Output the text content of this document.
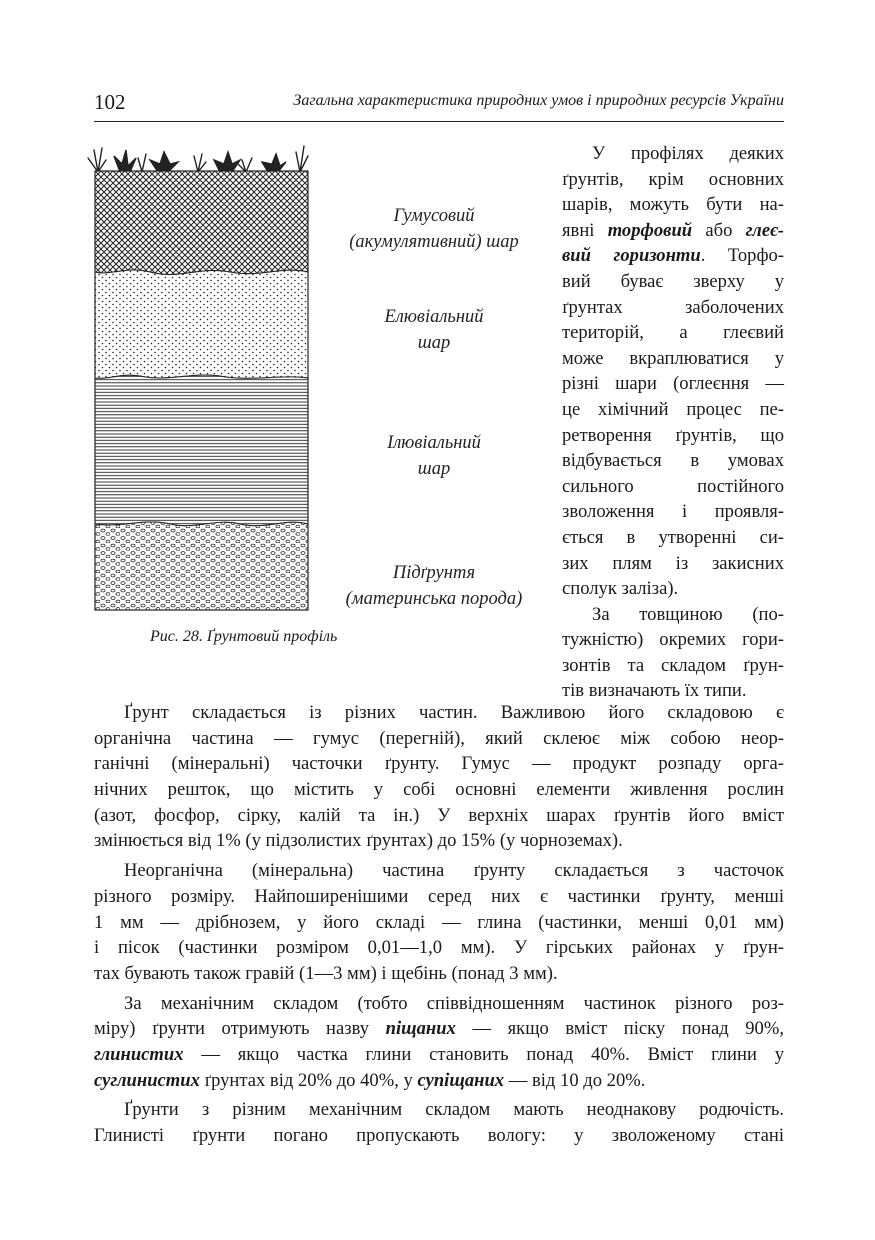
102	Загальна характеристика природних умов і природних ресурсів України
Гумусовий
(акумулятивний) шар
Елювіальний
шар
Ілювіальний
шар
Підґрунтя
(материнська порода)
Рис. 28. Ґрунтовий профіль
У профілях деяких
ґрунтів, крім основних
шарів, можуть бути на-
явні торфовий або глеє-
вий горизонти. Торфо-
вий буває зверху у
ґрунтах заболочених
територій, а глеєвий
може вкраплюватися у
різні шари (оглеєння —
це хімічний процес пе-
ретворення ґрунтів, що
відбувається в умовах
сильного постійного
зволоження і проявля-
ється в утворенні си-
зих плям із закисних
сполук заліза).
За товщиною (по-
тужністю) окремих гори-
зонтів та складом ґрун-
тів визначають їх типи.
Ґрунт складається із різних частин. Важливою його складовою є
органічна частина — гумус (перегній), який склеює між собою неор-
ганічні (мінеральні) часточки ґрунту. Гумус — продукт розпаду орга-
нічних решток, що містить у собі основні елементи живлення рослин
(азот, фосфор, сірку, калій та ін.) У верхніх шарах ґрунтів його вміст
змінюється від 1% (у підзолистих ґрунтах) до 15% (у чорноземах).
Неорганічна (мінеральна) частина ґрунту складається з часточок
різного розміру. Найпоширенішими серед них є частинки ґрунту, менші
1 мм — дрібнозем, у його складі — глина (частинки, менші 0,01 мм)
і пісок (частинки розміром 0,01—1,0 мм). У гірських районах у ґрун-
тах бувають також гравій (1—3 мм) і щебінь (понад 3 мм).
За механічним складом (тобто співвідношенням частинок різного роз-
міру) ґрунти отримують назву піщаних — якщо вміст піску понад 90%,
глинистих — якщо частка глини становить понад 40%. Вміст глини у
суглинистих ґрунтах від 20% до 40%, у супіщаних — від 10 до 20%.
Ґрунти з різним механічним складом мають неоднакову родючість.
Глинисті ґрунти погано пропускають вологу: у зволоженому стані
